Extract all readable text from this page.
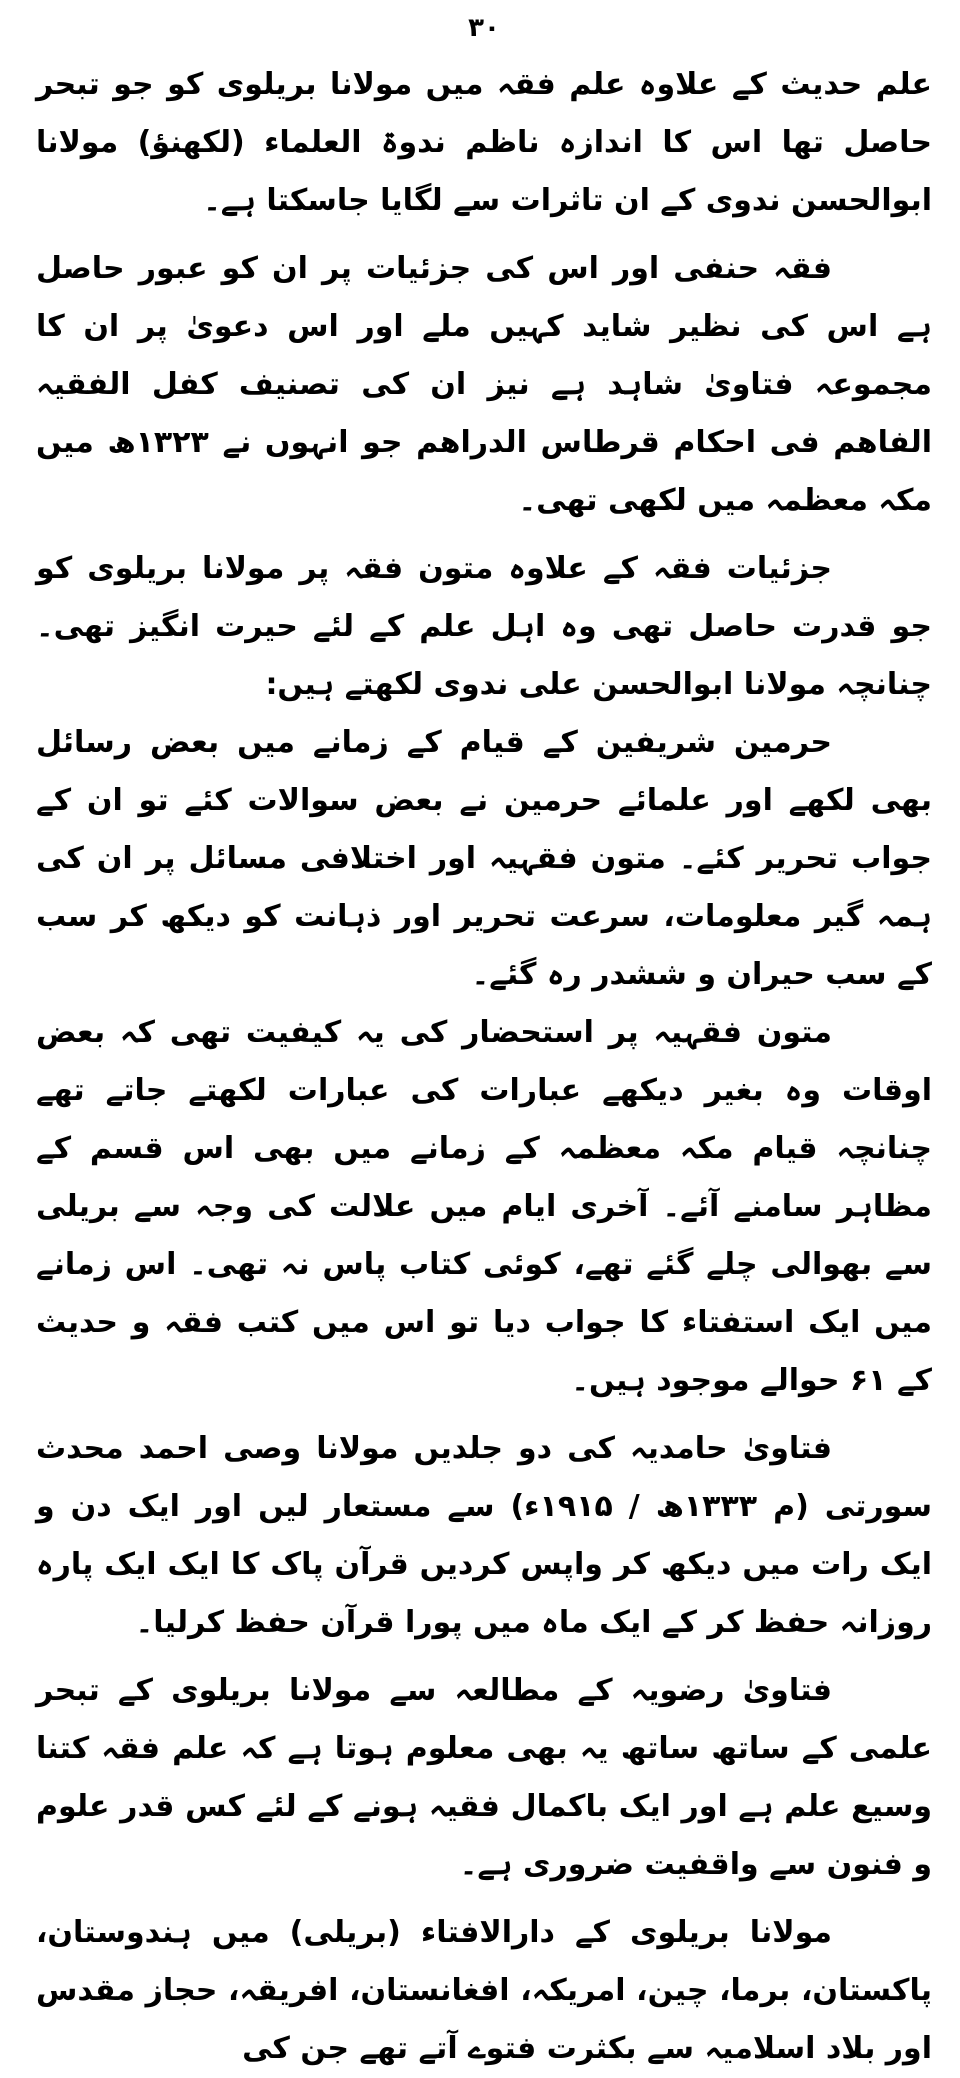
۳۰

علم حدیث کے علاوہ علم فقہ میں مولانا بریلوی کو جو تبحر حاصل تھا اس کا اندازہ ناظم ندوۃ العلماء (لکھنؤ) مولانا ابوالحسن ندوی کے ان تاثرات سے لگایا جاسکتا ہے۔

فقہ حنفی اور اس کی جزئیات پر ان کو عبور حاصل ہے اس کی نظیر شاید کہیں ملے اور اس دعویٰ پر ان کا مجموعہ فتاویٰ شاہد ہے نیز ان کی تصنیف کفل الفقیہ الفاهم فی احکام قرطاس الدراهم جو انہوں نے ۱۳۲۳ھ میں مکہ معظمہ میں لکھی تھی۔

جزئیات فقہ کے علاوہ متون فقہ پر مولانا بریلوی کو جو قدرت حاصل تھی وہ اہل علم کے لئے حیرت انگیز تھی۔ چنانچہ مولانا ابوالحسن علی ندوی لکھتے ہیں:

حرمین شریفین کے قیام کے زمانے میں بعض رسائل بھی لکھے اور علمائے حرمین نے بعض سوالات کئے تو ان کے جواب تحریر کئے۔ متون فقہیہ اور اختلافی مسائل پر ان کی ہمہ گیر معلومات، سرعت تحریر اور ذہانت کو دیکھ کر سب کے سب حیران و ششدر رہ گئے۔

متون فقہیہ پر استحضار کی یہ کیفیت تھی کہ بعض اوقات وہ بغیر دیکھے عبارات کی عبارات لکھتے جاتے تھے چنانچہ قیام مکہ معظمہ کے زمانے میں بھی اس قسم کے مظاہر سامنے آئے۔ آخری ایام میں علالت کی وجہ سے بریلی سے بھوالی چلے گئے تھے، کوئی کتاب پاس نہ تھی۔ اس زمانے میں ایک استفتاء کا جواب دیا تو اس میں کتب فقہ و حدیث کے ۶۱ حوالے موجود ہیں۔

فتاویٰ حامدیہ کی دو جلدیں مولانا وصی احمد محدث سورتی (م ۱۳۳۳ھ / ۱۹۱۵ء) سے مستعار لیں اور ایک دن و ایک رات میں دیکھ کر واپس کردیں قرآن پاک کا ایک ایک پارہ روزانہ حفظ کر کے ایک ماہ میں پورا قرآن حفظ کرلیا۔

فتاویٰ رضویہ کے مطالعہ سے مولانا بریلوی کے تبحر علمی کے ساتھ ساتھ یہ بھی معلوم ہوتا ہے کہ علم فقہ کتنا وسیع علم ہے اور ایک باکمال فقیہ ہونے کے لئے کس قدر علوم و فنون سے واقفیت ضروری ہے۔

مولانا بریلوی کے دارالافتاء (بریلی) میں ہندوستان، پاکستان، برما، چین، امریکہ، افغانستان، افریقہ، حجاز مقدس اور بلاد اسلامیہ سے بکثرت فتوے آتے تھے جن کی
